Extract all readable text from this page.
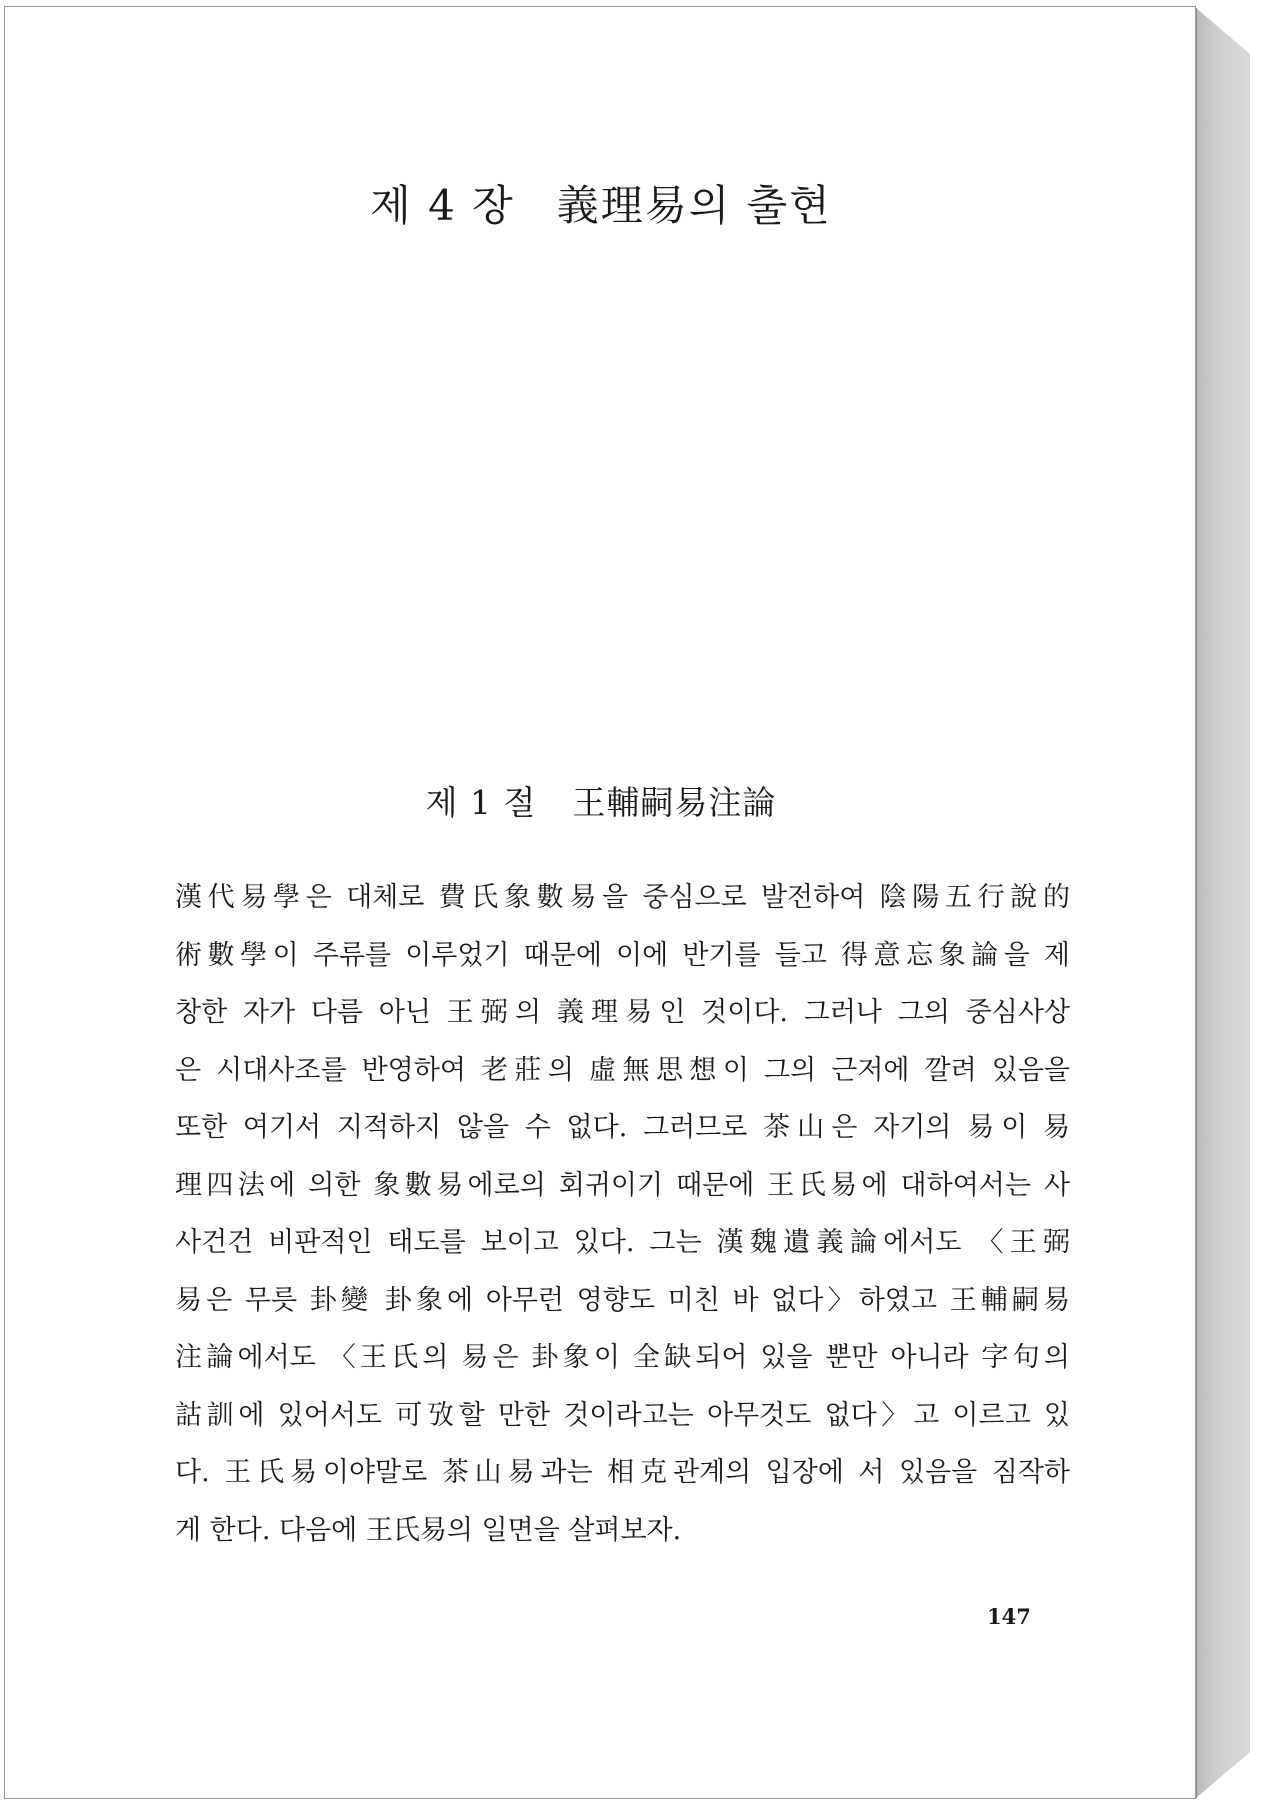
제 4 장 義理易의 출현
제 1 절 王輔嗣易注論
漢代易學은 대체로 費氏象數易을 중심으로 발전하여 陰陽五行說的
術數學이 주류를 이루었기 때문에 이에 반기를 들고 得意忘象論을 제
창한 자가 다름 아닌 王弼의 義理易인 것이다. 그러나 그의 중심사상
은 시대사조를 반영하여 老莊의 虛無思想이 그의 근저에 깔려 있음을
또한 여기서 지적하지 않을 수 없다. 그러므로 茶山은 자기의 易이 易
理四法에 의한 象數易에로의 회귀이기 때문에 王氏易에 대하여서는 사
사건건 비판적인 태도를 보이고 있다. 그는 漢魏遺義論에서도 〈王弼
易은 무릇 卦變 卦象에 아무런 영향도 미친 바 없다〉하였고 王輔嗣易
注論에서도 〈王氏의 易은 卦象이 全缺되어 있을 뿐만 아니라 字句의
詁訓에 있어서도 可攷할 만한 것이라고는 아무것도 없다〉고 이르고 있
다. 王氏易이야말로 茶山易과는 相克관계의 입장에 서 있음을 짐작하
게 한다. 다음에 王氏易의 일면을 살펴보자.
147
